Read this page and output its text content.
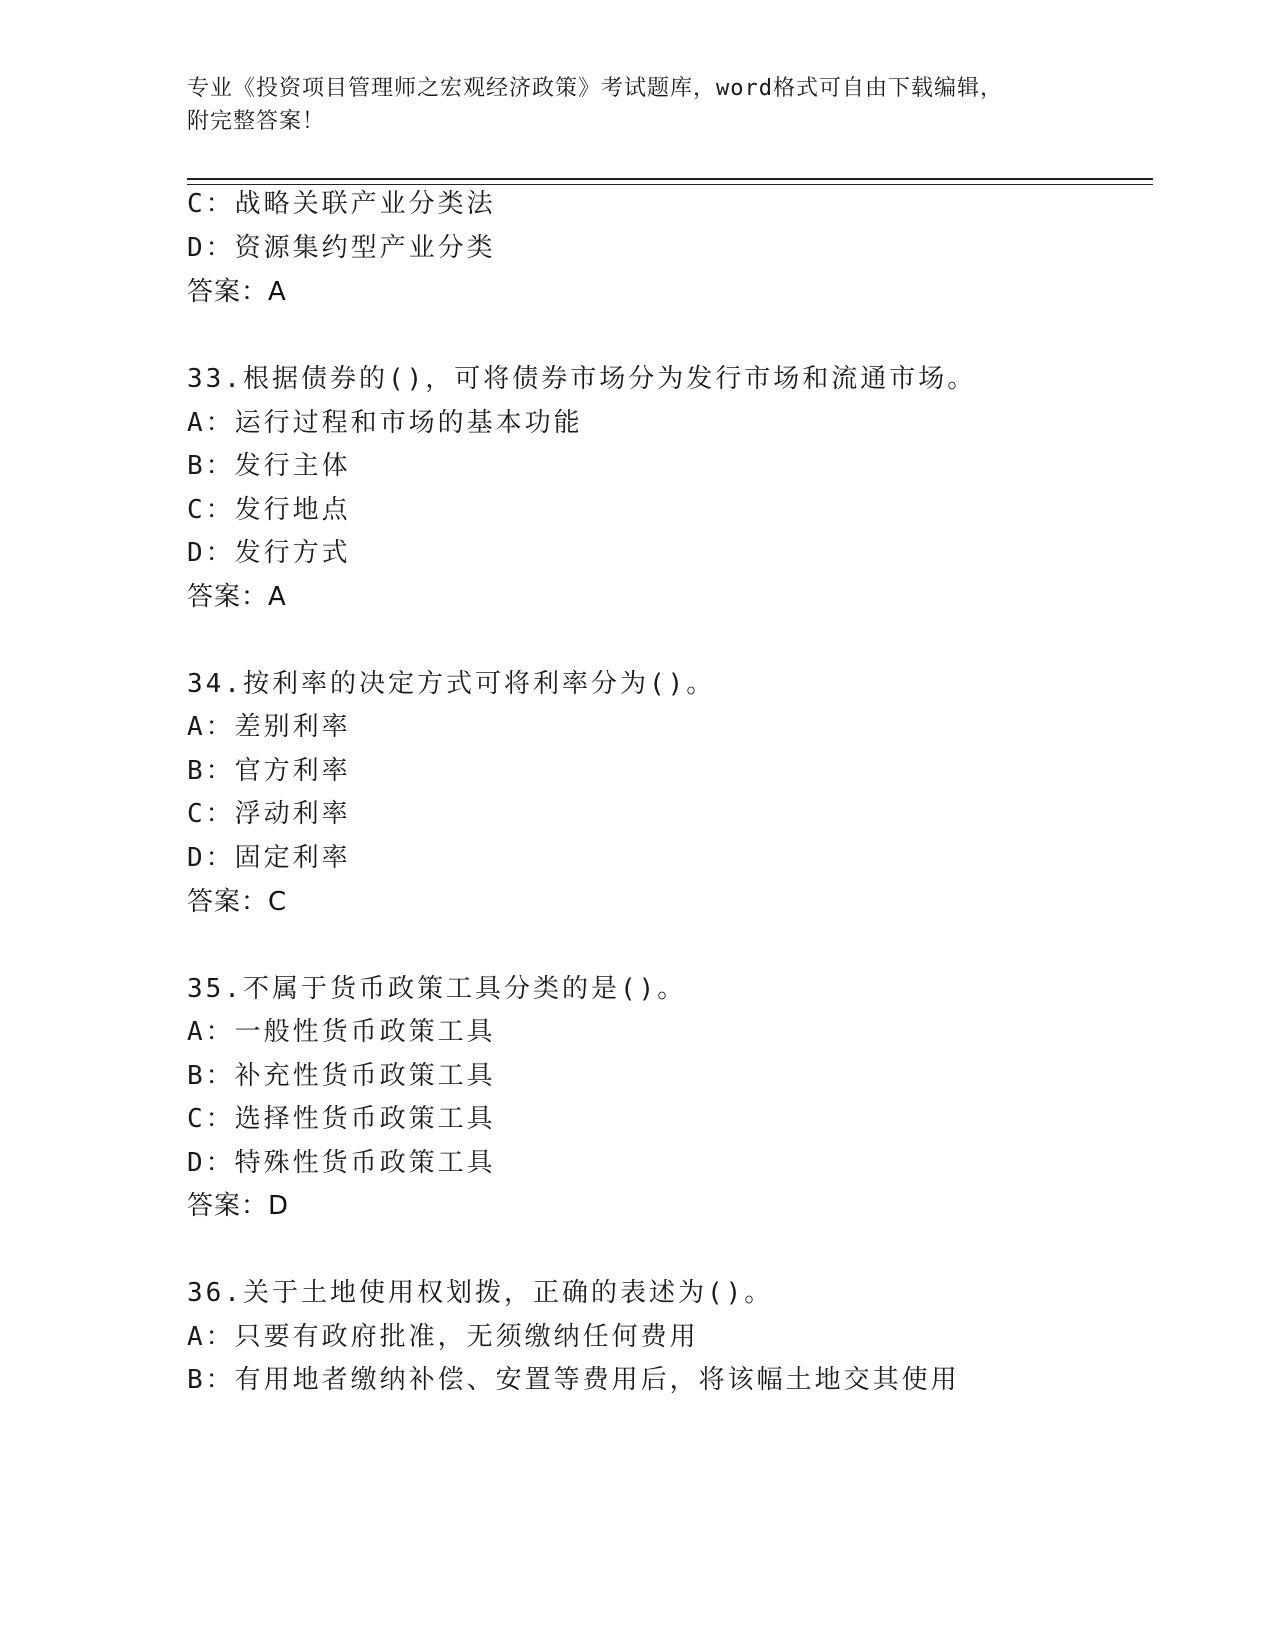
专业《投资项目管理师之宏观经济政策》考试题库，word格式可自由下载编辑，
附完整答案！
C：战略关联产业分类法
D：资源集约型产业分类
答案：A
33.根据债券的()，可将债券市场分为发行市场和流通市场。
A：运行过程和市场的基本功能
B：发行主体
C：发行地点
D：发行方式
答案：A
34.按利率的决定方式可将利率分为()。
A：差别利率
B：官方利率
C：浮动利率
D：固定利率
答案：C
35.不属于货币政策工具分类的是()。
A：一般性货币政策工具
B：补充性货币政策工具
C：选择性货币政策工具
D：特殊性货币政策工具
答案：D
36.关于土地使用权划拨，正确的表述为()。
A：只要有政府批准，无须缴纳任何费用
B：有用地者缴纳补偿、安置等费用后，将该幅土地交其使用
